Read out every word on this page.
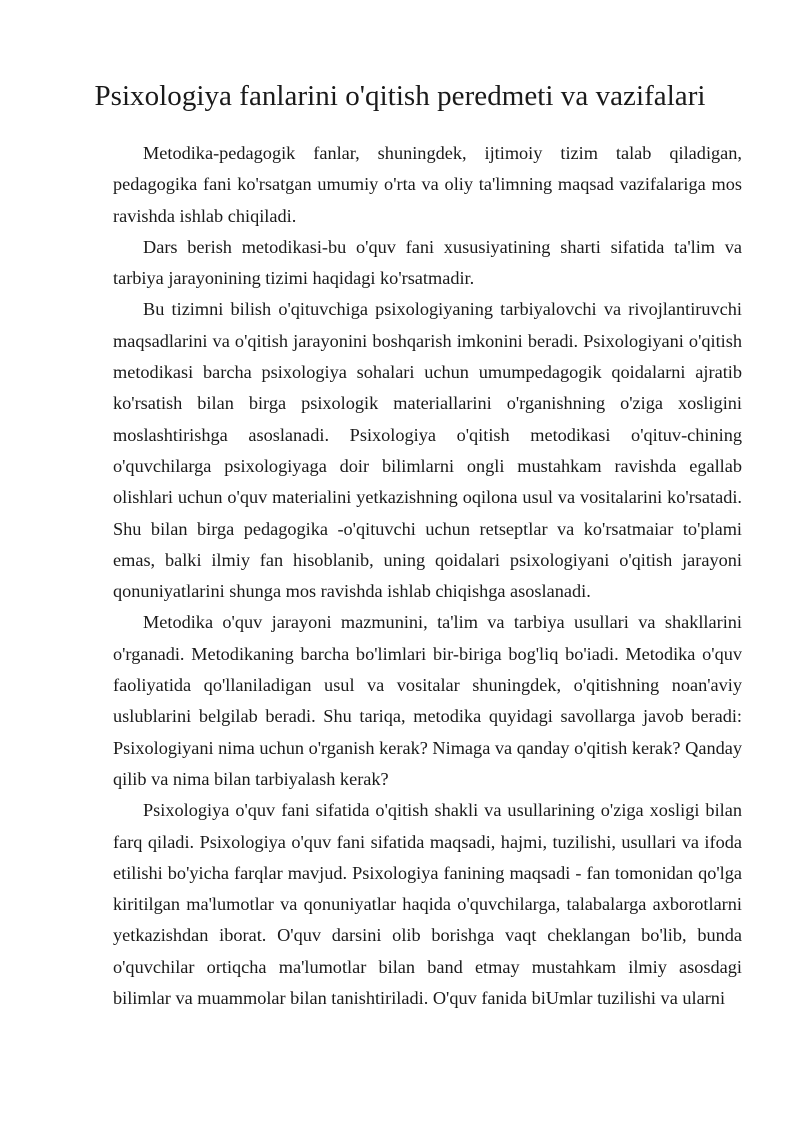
Psixologiya fanlarini o'qitish peredmeti va vazifalari

Metodika-pedagogik fanlar, shuningdek, ijtimoiy tizim talab qiladigan, pedagogika fani ko'rsatgan umumiy o'rta va oliy ta'limning maqsad vazifalariga mos ravishda ishlab chiqiladi.

Dars berish metodikasi-bu o'quv fani xususiyatining sharti sifatida ta'lim va tarbiya jarayonining tizimi haqidagi ko'rsatmadir.

Bu tizimni bilish o'qituvchiga psixologiyaning tarbiyalovchi va rivojlantiruvchi maqsadlarini va o'qitish jarayonini boshqarish imkonini beradi. Psixologiyani o'qitish metodikasi barcha psixologiya sohalari uchun umumpedagogik qoidalarni ajratib ko'rsatish bilan birga psixologik materiallarini o'rganishning o'ziga xosligini moslashtirishga asoslanadi. Psixologiya o'qitish metodikasi o'qituv-chining o'quvchilarga psixologiyaga doir bilimlarni ongli mustahkam ravishda egallab olishlari uchun o'quv materialini yetkazishning oqilona usul va vositalarini ko'rsatadi. Shu bilan birga pedagogika -o'qituvchi uchun retseptlar va ko'rsatmaiar to'plami emas, balki ilmiy fan hisoblanib, uning qoidalari psixologiyani o'qitish jarayoni qonuniyatlarini shunga mos ravishda ishlab chiqishga asoslanadi.

Metodika o'quv jarayoni mazmunini, ta'lim va tarbiya usullari va shakllarini o'rganadi. Metodikaning barcha bo'limlari bir-biriga bog'liq bo'iadi. Metodika o'quv faoliyatida qo'llaniladigan usul va vositalar shuningdek, o'qitishning noan'aviy uslublarini belgilab beradi. Shu tariqa, metodika quyidagi savollarga javob beradi: Psixologiyani nima uchun o'rganish kerak? Nimaga va qanday o'qitish kerak? Qanday qilib va nima bilan tarbiyalash kerak?

Psixologiya o'quv fani sifatida o'qitish shakli va usullarining o'ziga xosligi bilan farq qiladi. Psixologiya o'quv fani sifatida maqsadi, hajmi, tuzilishi, usullari va ifoda etilishi bo'yicha farqlar mavjud. Psixologiya fanining maqsadi - fan tomonidan qo'lga kiritilgan ma'lumotlar va qonuniyatlar haqida o'quvchilarga, talabalarga axborotlarni yetkazishdan iborat. O'quv darsini olib borishga vaqt cheklangan bo'lib, bunda o'quvchilar ortiqcha ma'lumotlar bilan band etmay mustahkam ilmiy asosdagi bilimlar va muammolar bilan tanishtiriladi. O'quv fanida biUmlar tuzilishi va ularni
